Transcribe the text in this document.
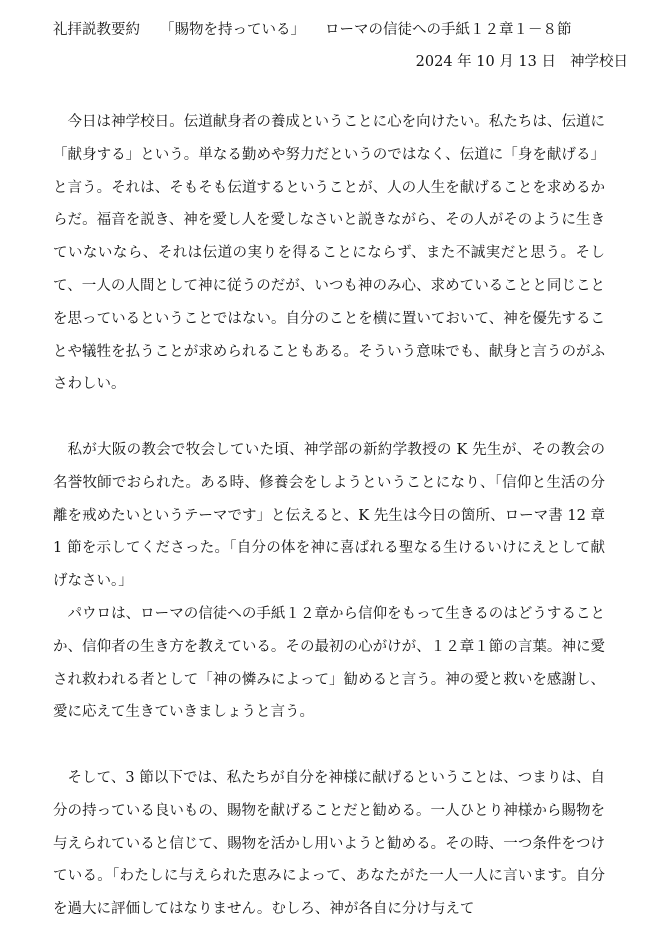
礼拝説教要約 「賜物を持っている」 ローマの信徒への手紙１２章１－８節
2024 年 10 月 13 日 神学校日

今日は神学校日。伝道献身者の養成ということに心を向けたい。私たちは、伝道に「献身する」という。単なる勤めや努力だというのではなく、伝道に「身を献げる」と言う。それは、そもそも伝道するということが、人の人生を献げることを求めるからだ。福音を説き、神を愛し人を愛しなさいと説きながら、その人がそのように生きていないなら、それは伝道の実りを得ることにならず、また不誠実だと思う。そして、一人の人間として神に従うのだが、いつも神のみ心、求めていることと同じことを思っているということではない。自分のことを横に置いておいて、神を優先することや犠牲を払うことが求められることもある。そういう意味でも、献身と言うのがふさわしい。

私が大阪の教会で牧会していた頃、神学部の新約学教授の K 先生が、その教会の名誉牧師でおられた。ある時、修養会をしようということになり、「信仰と生活の分離を戒めたいというテーマです」と伝えると、K 先生は今日の箇所、ローマ書 12 章 1 節を示してくださった。「自分の体を神に喜ばれる聖なる生けるいけにえとして献げなさい。」

パウロは、ローマの信徒への手紙１２章から信仰をもって生きるのはどうすることか、信仰者の生き方を教えている。その最初の心がけが、１２章１節の言葉。神に愛され救われる者として「神の憐みによって」勧めると言う。神の愛と救いを感謝し、愛に応えて生きていきましょうと言う。

そして、3 節以下では、私たちが自分を神様に献げるということは、つまりは、自分の持っている良いもの、賜物を献げることだと勧める。一人ひとり神様から賜物を与えられていると信じて、賜物を活かし用いようと勧める。その時、一つ条件をつけている。「わたしに与えられた恵みによって、あなたがた一人一人に言います。自分を過大に評価してはなりません。むしろ、神が各自に分け与えて
